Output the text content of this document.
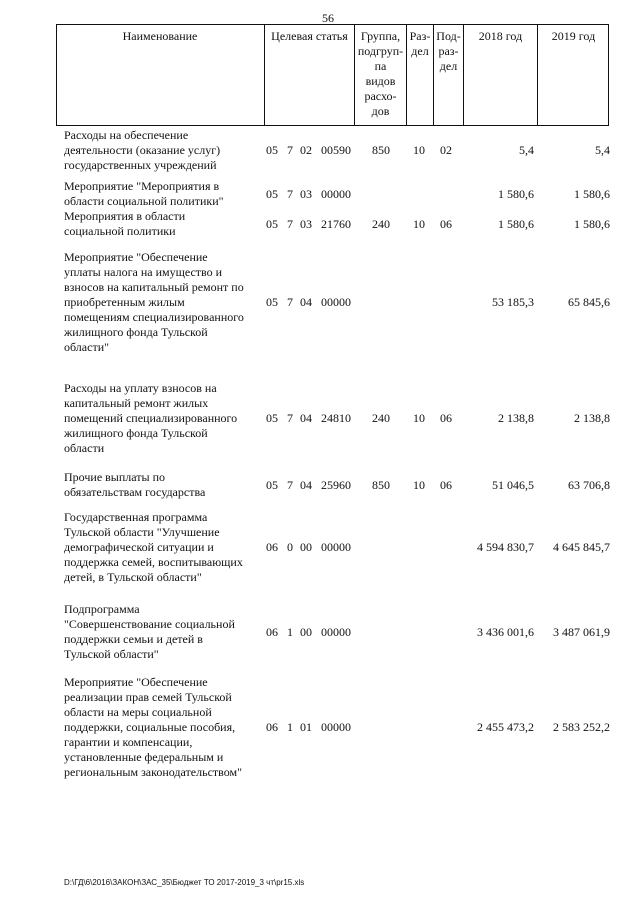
56
Наименование	Целевая статья	Группа,
подгруп-
па
видов
расхо-
дов
Раз-
дел
Под-
раз-
дел
2018 год	2019 год
Расходы на обеспечение
деятельности (оказание услуг)
государственных учреждений
05 7 02 00590 850 10 02	5,4	5,4
Мероприятие "Мероприятия в
области социальной политики"	05 7 03 00000	1 580,6	1 580,6
Мероприятия в области
социальной политики	05 7 03 21760 240 10 06	1 580,6	1 580,6
Мероприятие "Обеспечение
уплаты налога на имущество и
взносов на капитальный ремонт по
приобретенным жилым
помещениям специализированного
жилищного фонда Тульской
области"
05 7 04 00000	53 185,3	65 845,6
Расходы на уплату взносов на
капитальный ремонт жилых
помещений специализированного
жилищного фонда Тульской
области
05 7 04 24810 240 10 06	2 138,8	2 138,8
Прочие выплаты по
обязательствам государства	05 7 04 25960 850 10 06	51 046,5	63 706,8
Государственная программа
Тульской области "Улучшение
демографической ситуации и
поддержка семей, воспитывающих
детей, в Тульской области"
06 0 00 00000	4 594 830,7	4 645 845,7
Подпрограмма
"Совершенствование социальной
поддержки семьи и детей в
Тульской области"
06 1 00 00000	3 436 001,6	3 487 061,9
Мероприятие "Обеспечение
реализации прав семей Тульской
области на меры социальной
поддержки, социальные пособия,
гарантии и компенсации,
установленные федеральным и
региональным законодательством"
06 1 01 00000	2 455 473,2	2 583 252,2
D:\ГД\6\2016\ЗАКОН\ЗАС_35\Бюджет ТО 2017-2019_3 чт\pr15.xls
